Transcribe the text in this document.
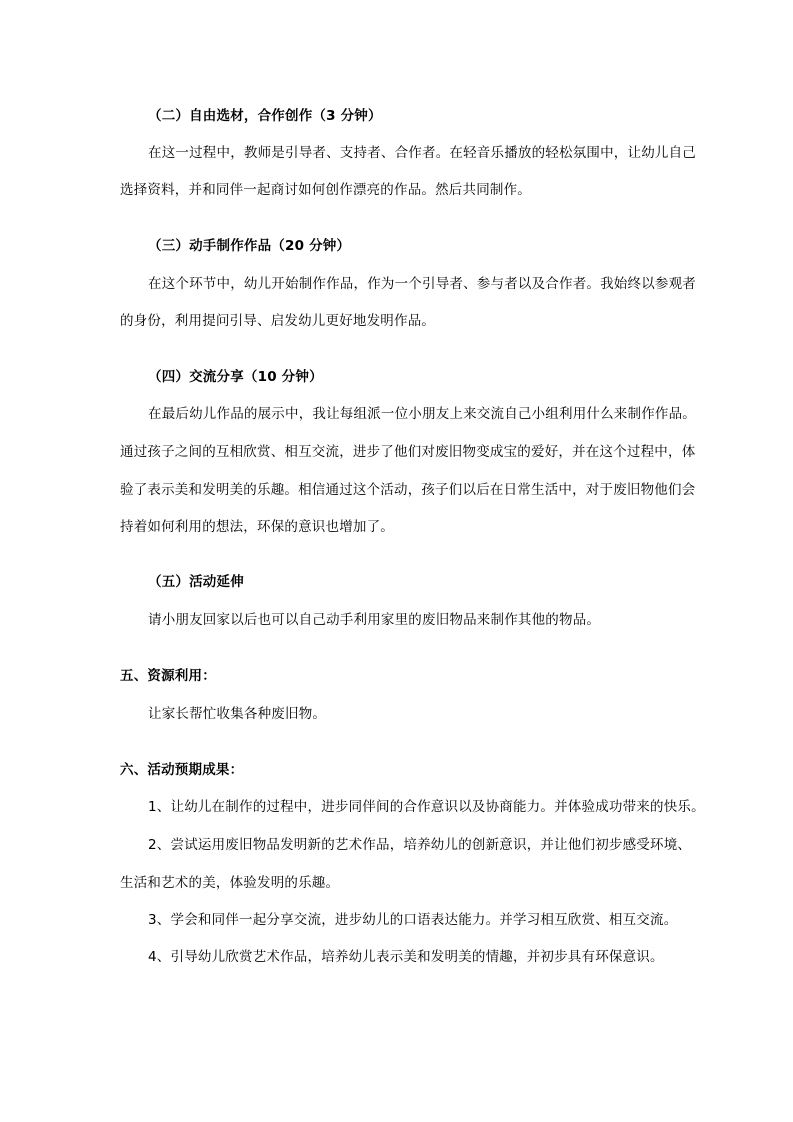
（二）自由选材，合作创作（3 分钟）
在这一过程中，教师是引导者、支持者、合作者。在轻音乐播放的轻松氛围中，让幼儿自己
选择资料，并和同伴一起商讨如何创作漂亮的作品。然后共同制作。
（三）动手制作作品（20 分钟）
在这个环节中，幼儿开始制作作品，作为一个引导者、参与者以及合作者。我始终以参观者
的身份，利用提问引导、启发幼儿更好地发明作品。
（四）交流分享（10 分钟）
在最后幼儿作品的展示中，我让每组派一位小朋友上来交流自己小组利用什么来制作作品。
通过孩子之间的互相欣赏、相互交流，进步了他们对废旧物变成宝的爱好，并在这个过程中，体
验了表示美和发明美的乐趣。相信通过这个活动，孩子们以后在日常生活中，对于废旧物他们会
持着如何利用的想法，环保的意识也增加了。
（五）活动延伸
请小朋友回家以后也可以自己动手利用家里的废旧物品来制作其他的物品。
五、资源利用：
让家长帮忙收集各种废旧物。
六、活动预期成果：
1、让幼儿在制作的过程中，进步同伴间的合作意识以及协商能力。并体验成功带来的快乐。
2、尝试运用废旧物品发明新的艺术作品，培养幼儿的创新意识，并让他们初步感受环境、
生活和艺术的美，体验发明的乐趣。
3、学会和同伴一起分享交流，进步幼儿的口语表达能力。并学习相互欣赏、相互交流。
4、引导幼儿欣赏艺术作品，培养幼儿表示美和发明美的情趣，并初步具有环保意识。
